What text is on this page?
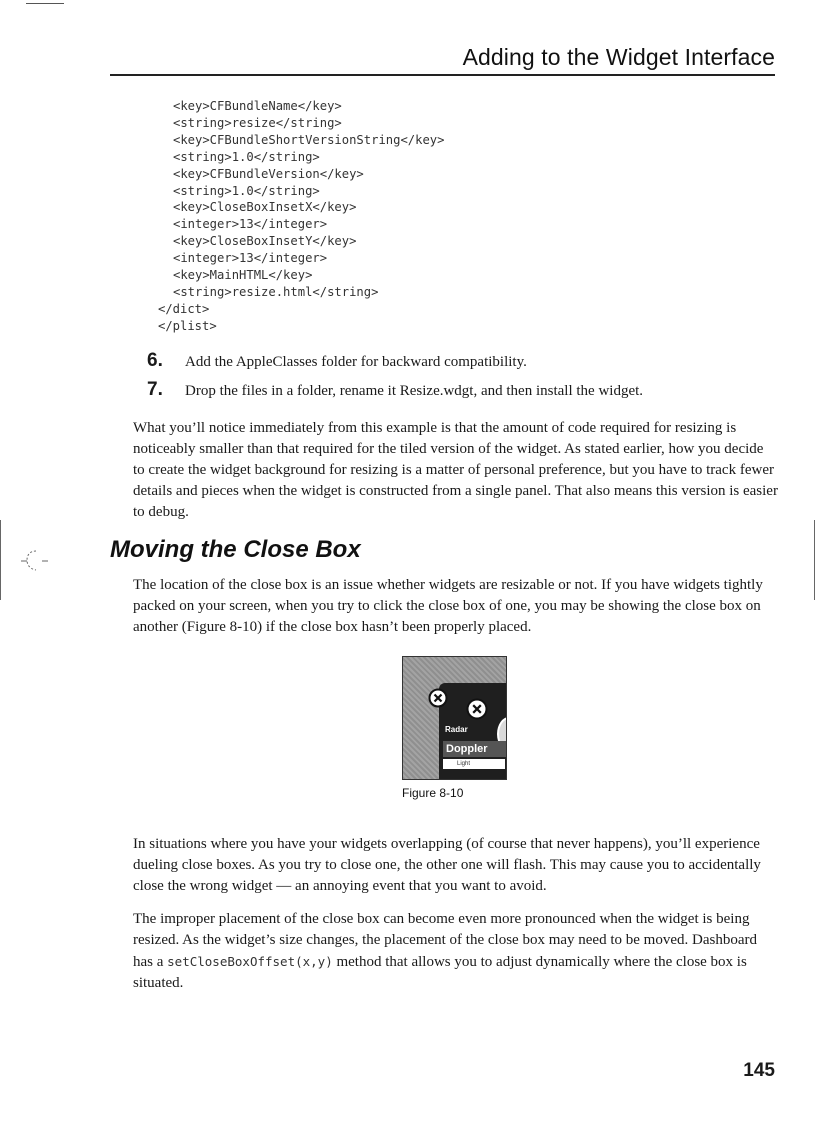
Adding to the Widget Interface
<key>CFBundleName</key>
<string>resize</string>
<key>CFBundleShortVersionString</key>
<string>1.0</string>
<key>CFBundleVersion</key>
<string>1.0</string>
<key>CloseBoxInsetX</key>
<integer>13</integer>
<key>CloseBoxInsetY</key>
<integer>13</integer>
<key>MainHTML</key>
<string>resize.html</string>
</dict>
</plist>
6. Add the AppleClasses folder for backward compatibility.
7. Drop the files in a folder, rename it Resize.wdgt, and then install the widget.

What you’ll notice immediately from this example is that the amount of code required for resizing is noticeably smaller than that required for the tiled version of the widget. As stated earlier, how you decide to create the widget background for resizing is a matter of personal preference, but you have to track fewer details and pieces when the widget is constructed from a single panel. That also means this version is easier to debug.

Moving the Close Box

The location of the close box is an issue whether widgets are resizable or not. If you have widgets tightly packed on your screen, when you try to click the close box of one, you may be showing the close box on another (Figure 8-10) if the close box hasn’t been properly placed.

Radar
Doppler
Light
Figure 8-10

In situations where you have your widgets overlapping (of course that never happens), you’ll experience dueling close boxes. As you try to close one, the other one will flash. This may cause you to accidentally close the wrong widget — an annoying event that you want to avoid.

The improper placement of the close box can become even more pronounced when the widget is being resized. As the widget’s size changes, the placement of the close box may need to be moved. Dashboard has a setCloseBoxOffset(x,y) method that allows you to adjust dynamically where the close box is situated.

145
